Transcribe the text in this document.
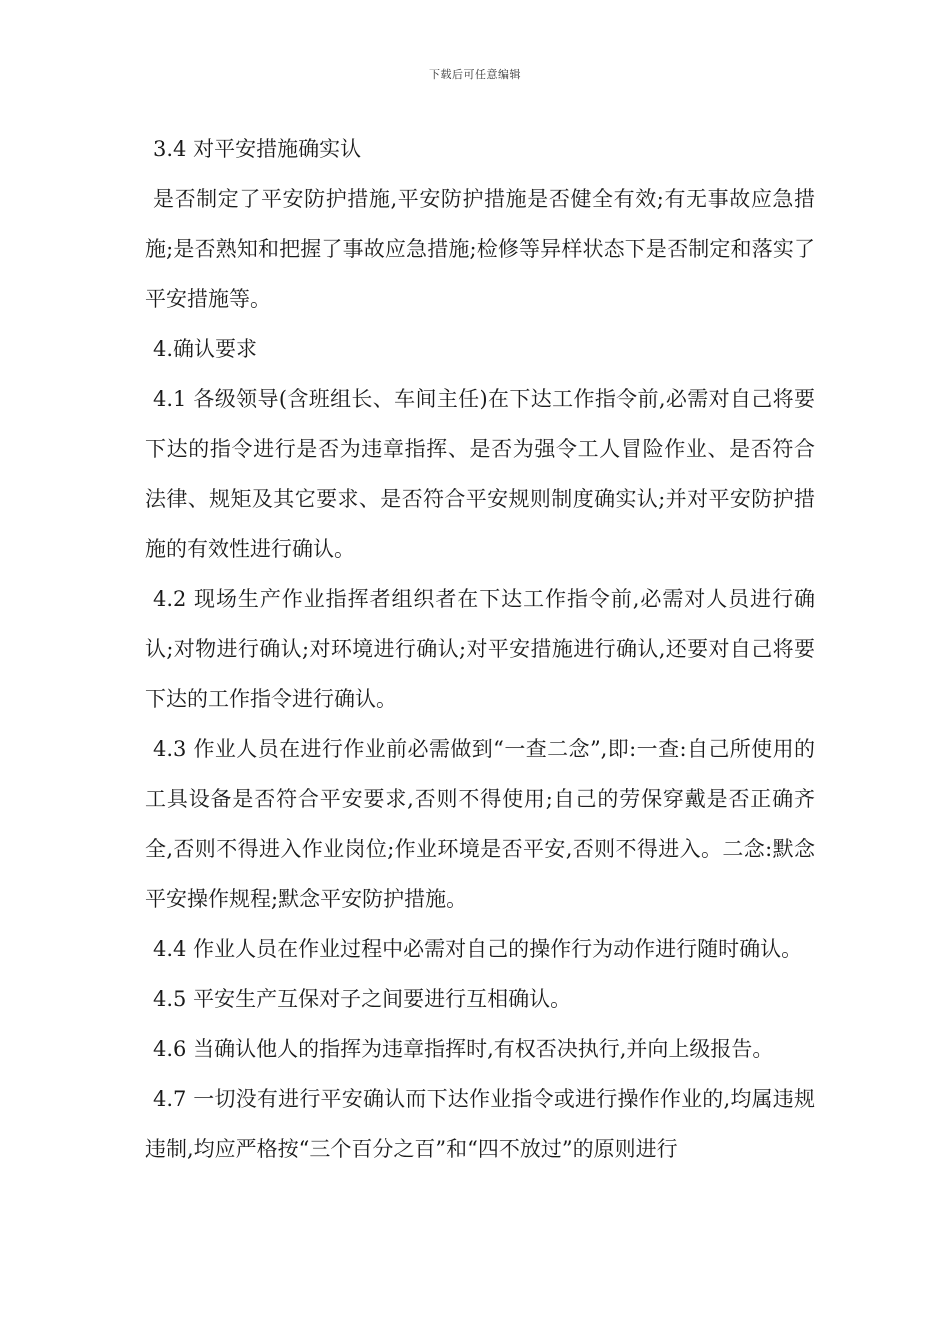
下载后可任意编辑

3.4 对平安措施确实认

是否制定了平安防护措施,平安防护措施是否健全有效;有无事故应急措施;是否熟知和把握了事故应急措施;检修等异样状态下是否制定和落实了平安措施等。

4.确认要求

4.1 各级领导(含班组长、车间主任)在下达工作指令前,必需对自己将要下达的指令进行是否为违章指挥、是否为强令工人冒险作业、是否符合法律、规矩及其它要求、是否符合平安规则制度确实认;并对平安防护措施的有效性进行确认。

4.2 现场生产作业指挥者组织者在下达工作指令前,必需对人员进行确认;对物进行确认;对环境进行确认;对平安措施进行确认,还要对自己将要下达的工作指令进行确认。

4.3 作业人员在进行作业前必需做到“一查二念”,即:一查:自己所使用的工具设备是否符合平安要求,否则不得使用;自己的劳保穿戴是否正确齐全,否则不得进入作业岗位;作业环境是否平安,否则不得进入。二念:默念平安操作规程;默念平安防护措施。

4.4 作业人员在作业过程中必需对自己的操作行为动作进行随时确认。

4.5 平安生产互保对子之间要进行互相确认。

4.6 当确认他人的指挥为违章指挥时,有权否决执行,并向上级报告。

4.7 一切没有进行平安确认而下达作业指令或进行操作作业的,均属违规违制,均应严格按“三个百分之百”和“四不放过”的原则进行
